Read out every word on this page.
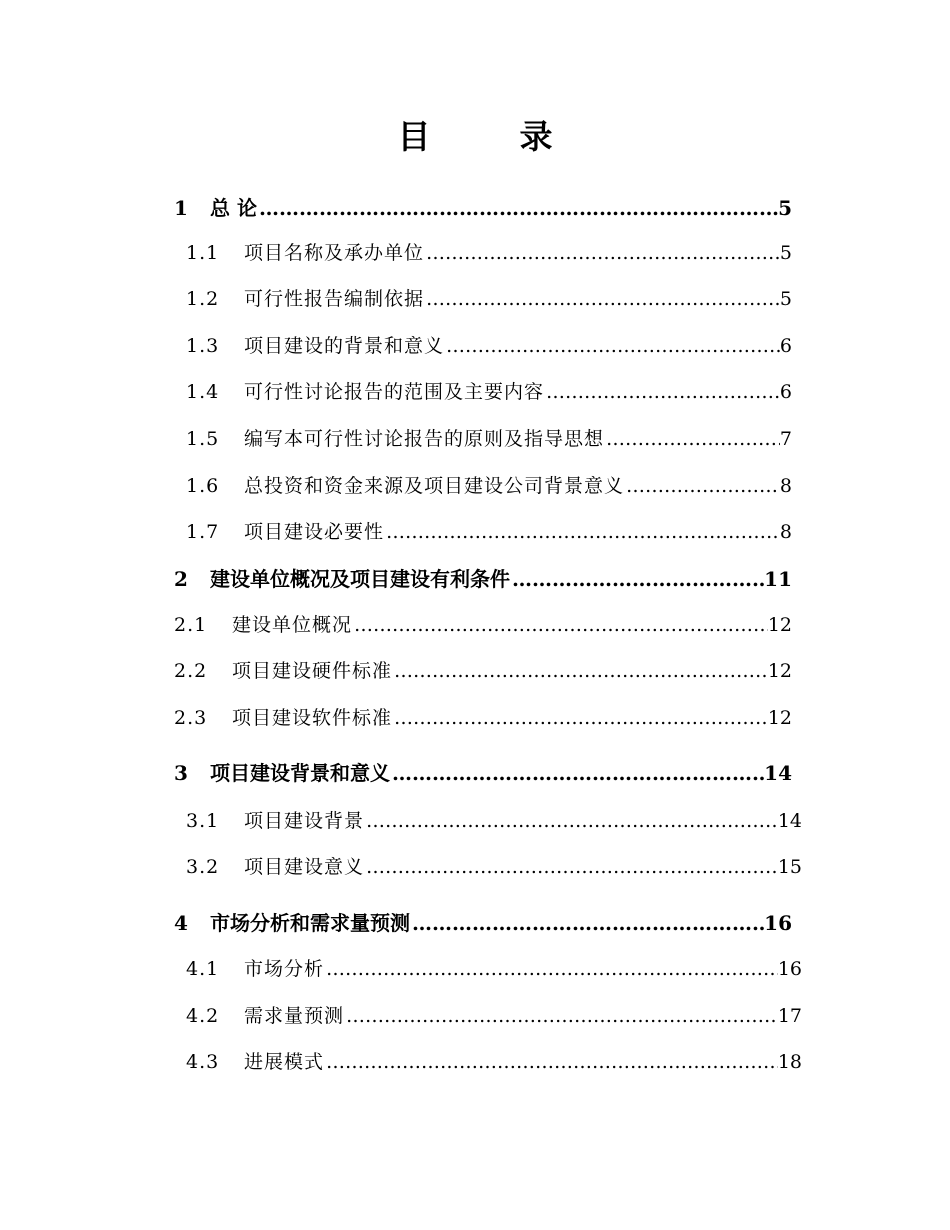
目　录
1	总 论 ……………………………………………………………………………………………………………………………………	5
1.1	项目名称及承办单位 ……………………………………………………………………………………………………………………………………	5
1.2	可行性报告编制依据 ……………………………………………………………………………………………………………………………………	5
1.3	项目建设的背景和意义 ……………………………………………………………………………………………………………………………………	6
1.4	可行性讨论报告的范围及主要内容 ……………………………………………………………………………………………………………………………………	6
1.5	编写本可行性讨论报告的原则及指导思想 ……………………………………………………………………………………………………………………………………	7
1.6	总投资和资金来源及项目建设公司背景意义 ……………………………………………………………………………………………………………………………………	8
1.7	项目建设必要性 ……………………………………………………………………………………………………………………………………	8
2	建设单位概况及项目建设有利条件 ……………………………………………………………………………………………………………………………………	11
2.1	建设单位概况 ……………………………………………………………………………………………………………………………………	12
2.2	项目建设硬件标准 ……………………………………………………………………………………………………………………………………	12
2.3	项目建设软件标准 ……………………………………………………………………………………………………………………………………	12
3	项目建设背景和意义 ……………………………………………………………………………………………………………………………………	14
3.1	项目建设背景 ……………………………………………………………………………………………………………………………………	14
3.2	项目建设意义 ……………………………………………………………………………………………………………………………………	15
4	市场分析和需求量预测 ……………………………………………………………………………………………………………………………………	16
4.1	市场分析 ……………………………………………………………………………………………………………………………………	16
4.2	需求量预测 ……………………………………………………………………………………………………………………………………	17
4.3	进展模式 ……………………………………………………………………………………………………………………………………	18
